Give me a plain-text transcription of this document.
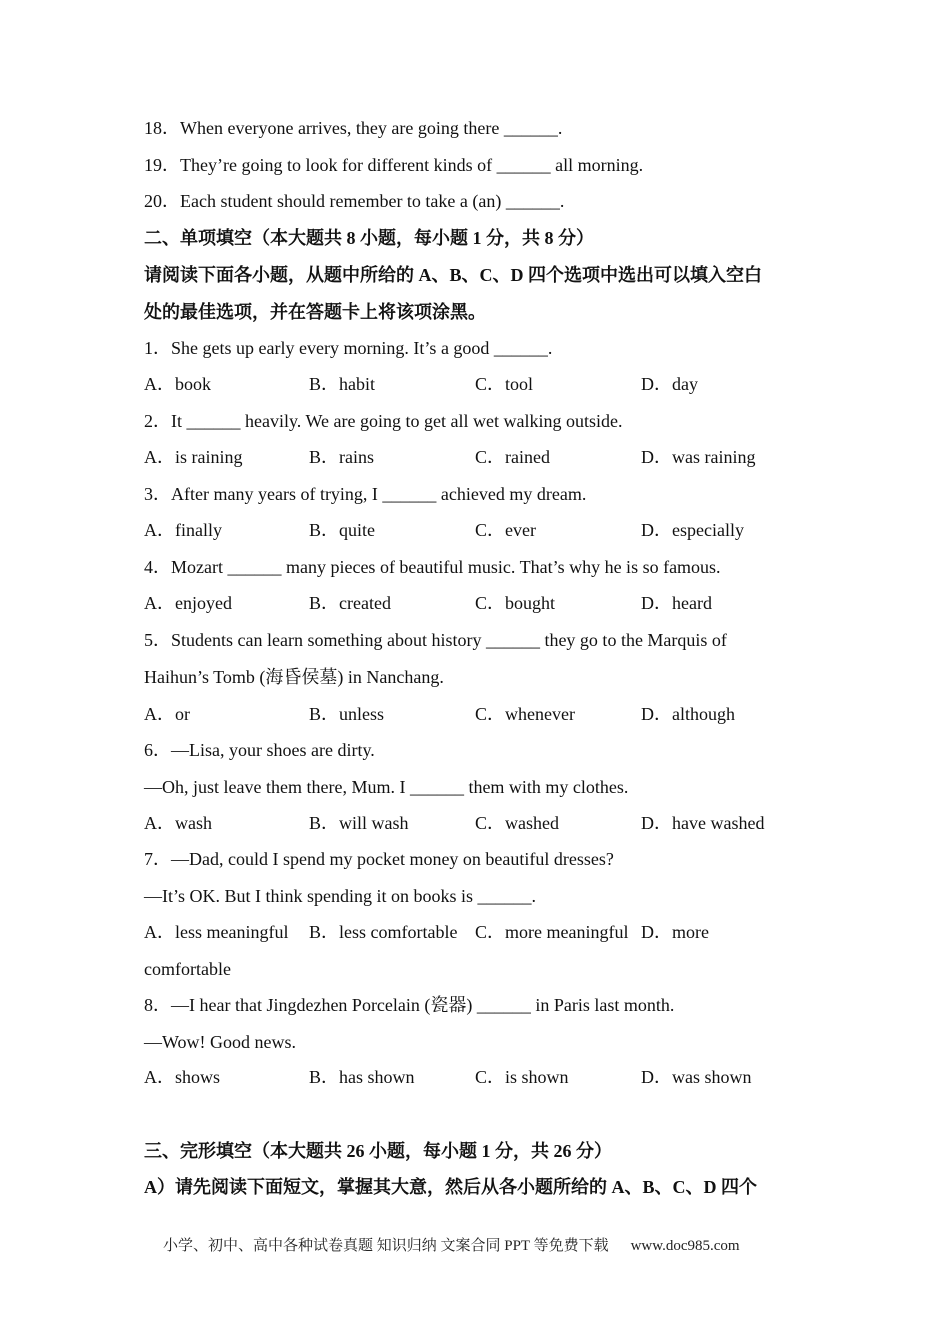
18．When everyone arrives, they are going there ______.
19．They’re going to look for different kinds of ______ all morning.
20．Each student should remember to take a (an) ______.
二、单项填空（本大题共 8 小题，每小题 1 分，共 8 分）
请阅读下面各小题，从题中所给的 A、B、C、D 四个选项中选出可以填入空白
处的最佳选项，并在答题卡上将该项涂黑。
1．She gets up early every morning. It’s a good ______.
A．book	B．habit	C．tool	D．day
2．It ______ heavily. We are going to get all wet walking outside.
A．is raining	B．rains	C．rained	D．was raining
3．After many years of trying, I ______ achieved my dream.
A．finally	B．quite	C．ever	D．especially
4．Mozart ______ many pieces of beautiful music. That’s why he is so famous.
A．enjoyed	B．created	C．bought	D．heard
5．Students can learn something about history ______ they go to the Marquis of
Haihun’s Tomb (海昏侯墓) in Nanchang.
A．or	B．unless	C．whenever	D．although
6．—Lisa, your shoes are dirty.
—Oh, just leave them there, Mum. I ______ them with my clothes.
A．wash	B．will wash	C．washed	D．have washed
7．—Dad, could I spend my pocket money on beautiful dresses?
—It’s OK. But I think spending it on books is ______.
A．less meaningful B．less comfortable C．more meaningful D．more
comfortable
8．—I hear that Jingdezhen Porcelain (瓷器) ______ in Paris last month.
—Wow! Good news.
A．shows	B．has shown	C．is shown	D．was shown
三、完形填空（本大题共 26 小题，每小题 1 分，共 26 分）
A）请先阅读下面短文，掌握其大意，然后从各小题所给的 A、B、C、D 四个
小学、初中、高中各种试卷真题 知识归纳 文案合同 PPT 等免费下载 www.doc985.com
